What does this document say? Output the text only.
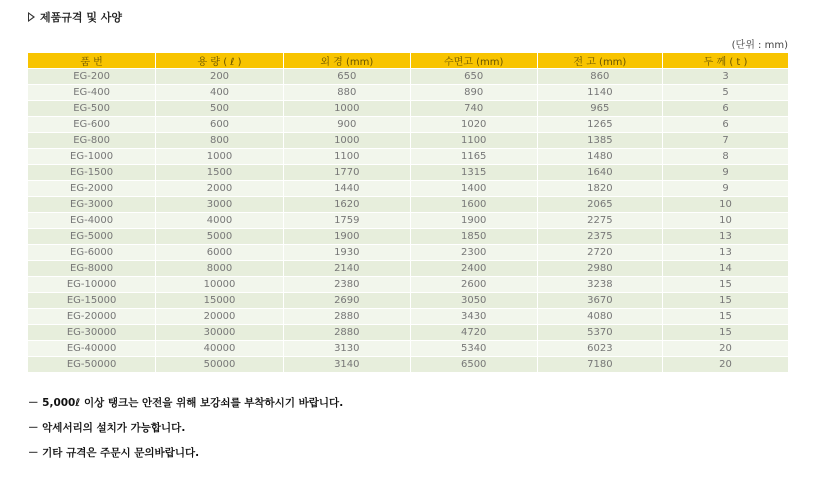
제품규격 및 사양
(단위 : mm)
품 번	용 량 ( ℓ )	외 경 (mm)	수면고 (mm)	전 고 (mm)	두 께 ( t )
EG-200	200	650	650	860	3
EG-400	400	880	890	1140	5
EG-500	500	1000	740	965	6
EG-600	600	900	1020	1265	6
EG-800	800	1000	1100	1385	7
EG-1000	1000	1100	1165	1480	8
EG-1500	1500	1770	1315	1640	9
EG-2000	2000	1440	1400	1820	9
EG-3000	3000	1620	1600	2065	10
EG-4000	4000	1759	1900	2275	10
EG-5000	5000	1900	1850	2375	13
EG-6000	6000	1930	2300	2720	13
EG-8000	8000	2140	2400	2980	14
EG-10000	10000	2380	2600	3238	15
EG-15000	15000	2690	3050	3670	15
EG-20000	20000	2880	3430	4080	15
EG-30000	30000	2880	4720	5370	15
EG-40000	40000	3130	5340	6023	20
EG-50000	50000	3140	6500	7180	20
－ 5,000ℓ 이상 탱크는 안전을 위해 보강쇠를 부착하시기 바랍니다.
－ 악세서리의 설치가 가능합니다.
－ 기타 규격은 주문시 문의바랍니다.
